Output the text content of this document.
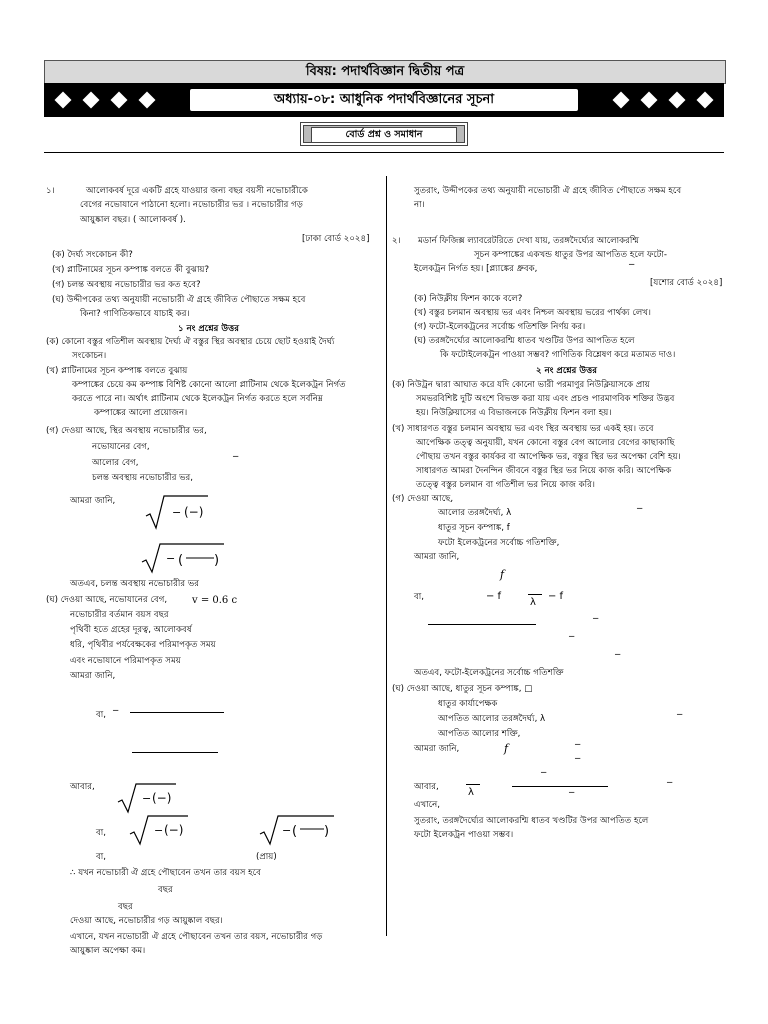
বিষয়: পদার্থবিজ্ঞান দ্বিতীয় পত্র
অধ্যায়-০৮: আধুনিক পদার্থবিজ্ঞানের সূচনা
বোর্ড প্রশ্ন ও সমাধান
১।	আলোকবর্ষ দূরে একটি গ্রহে যাওয়ার জন্য বছর বয়সী নভোচারীকে
বেগের নভোযানে পাঠানো হলো। নভোচারীর ভর । নভোচারীর গড়
আয়ুষ্কাল বছর। ( আলোকবর্ষ ).
[ঢাকা বোর্ড ২০২৪]
(ক) দৈর্ঘ্য সংকোচন কী?
(খ) প্লাটিনামের সূচন কম্পাঙ্ক বলতে কী বুঝায়?
(গ) চলন্ত অবস্থায় নভোচারীর ভর কত হবে?
(ঘ) উদ্দীপকের তথ্য অনুযায়ী নভোচারী ঐ গ্রহে জীবিত পৌছাতে সক্ষম হবে
কিনা? গাণিতিকভাবে যাচাই কর।
১ নং প্রশ্নের উত্তর
(ক) কোনো বস্তুর গতিশীল অবস্থায় দৈর্ঘ্য ঐ বস্তুর স্থির অবস্থার চেয়ে ছোট হওয়াই দৈর্ঘ্য
সংকোচন।
(খ) প্লাটিনামের সূচন কম্পাঙ্ক বলতে বুঝায়
কম্পাঙ্কের চেয়ে কম কম্পাঙ্ক বিশিষ্ট কোনো আলো প্লাটিনাম থেকে ইলেকট্রন নির্গত
করতে পারে না। অর্থাৎ প্লাটিনাম থেকে ইলেকট্রন নির্গত করতে হলে সর্বনিম্ন
কম্পাঙ্কের আলো প্রয়োজন।
(গ) দেওয়া আছে, স্থির অবস্থায় নভোচারীর ভর,
নভোযানের বেগ,
−
আলোর বেগ,
চলন্ত অবস্থায় নভোচারীর ভর,
আমরা জানি,
− (−)
− ( )
অতএব, চলন্ত অবস্থায় নভোচারীর ভর
(ঘ) দেওয়া আছে, নভোযানের বেগ, v = 0.6 c
নভোচারীর বর্তমান বয়স বছর
পৃথিবী হতে গ্রহের দূরত্ব, আলোকবর্ষ
ধরি, পৃথিবীর পর্যবেক্ষকের পরিমাপকৃত সময়
এবং নভোযানে পরিমাপকৃত সময়
আমরা জানি,
বা, −
আবার,
− (−)
বা,	− (−)	− ( )
বা,	(প্রায়)
∴ যখন নভোচারী ঐ গ্রহে পৌছাবেন তখন তার বয়স হবে
বছর
বছর
দেওয়া আছে, নভোচারীর গড় আয়ুষ্কাল বছর।
এখানে, যখন নভোচারী ঐ গ্রহে পৌছাবেন তখন তার বয়স, নভোচারীর গড়
আয়ুষ্কাল অপেক্ষা কম।
সুতরাং, উদ্দীপকের তথ্য অনুযায়ী নভোচারী ঐ গ্রহে জীবিত পৌছাতে সক্ষম হবে
না।
২। মডার্ন ফিজিক্স ল্যাবরেটরিতে দেখা যায়, তরঙ্গদৈর্ঘ্যের আলোকরশ্মি
সূচন কম্পাঙ্কের একখন্ড ধাতুর উপর আপতিত হলে ফটো-
ইলেকট্রন নির্গত হয়। [প্ল্যাঙ্কের ধ্রুবক,	−
[যশোর বোর্ড ২০২৪]
(ক) নিউক্লীয় ফিশন কাকে বলে?
(খ) বস্তুর চলমান অবস্থায় ভর এবং নিশ্চল অবস্থায় ভরের পার্থক্য লেখ।
(গ) ফটো-ইলেকট্রনের সর্বোচ্চ গতিশক্তি নির্ণয় কর।
(ঘ) তরঙ্গদৈর্ঘ্যের আলোকরশ্মি ধাতব খণ্ডটির উপর আপতিত হলে
কি ফটোইলেকট্রন পাওয়া সম্ভব? গাণিতিক বিশ্লেষণ করে মতামত দাও।
২ নং প্রশ্নের উত্তর
(ক) নিউট্রন দ্বারা আঘাত করে যদি কোনো ভারী পরমাণুর নিউক্লিয়াসকে প্রায়
সমভরবিশিষ্ট দুটি অংশে বিভক্ত করা যায় এবং প্রচণ্ড পারমাণবিক শক্তির উদ্ভব
হয়। নিউক্লিয়াসের এ বিভাজনকে নিউক্লীয় ফিশন বলা হয়।
(খ) সাধারণত বস্তুর চলমান অবস্থায় ভর এবং স্থির অবস্থায় ভর একই হয়। তবে
আপেক্ষিক তত্ত্ব অনুযায়ী, যখন কোনো বস্তুর বেগ আলোর বেগের কাছাকাছি
পৌছায় তখন বস্তুর কার্যকর বা আপেক্ষিক ভর, বস্তুর স্থির ভর অপেক্ষা বেশি হয়।
সাধারণত আমরা দৈনন্দিন জীবনে বস্তুর স্থির ভর নিয়ে কাজ করি। আপেক্ষিক
তত্ত্বে বস্তুর চলমান বা গতিশীল ভর নিয়ে কাজ করি।
(গ) দেওয়া আছে,
আলোর তরঙ্গদৈর্ঘ্য, λ	−
ধাতুর সূচন কম্পাঙ্ক, f
ফটো ইলেকট্রনের সর্বোচ্চ গতিশক্তি,
আমরা জানি,
f
বা,	− f
λ
− f
−
−
−
অতএব, ফটো-ইলেকট্রনের সর্বোচ্চ গতিশক্তি
(ঘ) দেওয়া আছে, ধাতুর সূচন কম্পাঙ্ক, □
ধাতুর কার্যাপেক্ষক
আপতিত আলোর তরঙ্গদৈর্ঘ্য, λ	−
আপতিত আলোর শক্তি,
আমরা জানি,	f	−
−
−
আবার,	λ
−
−
এখানে,
সুতরাং, তরঙ্গদৈর্ঘ্যের আলোকরশ্মি ধাতব খণ্ডটির উপর আপতিত হলে
ফটো ইলেকট্রন পাওয়া সম্ভব।
